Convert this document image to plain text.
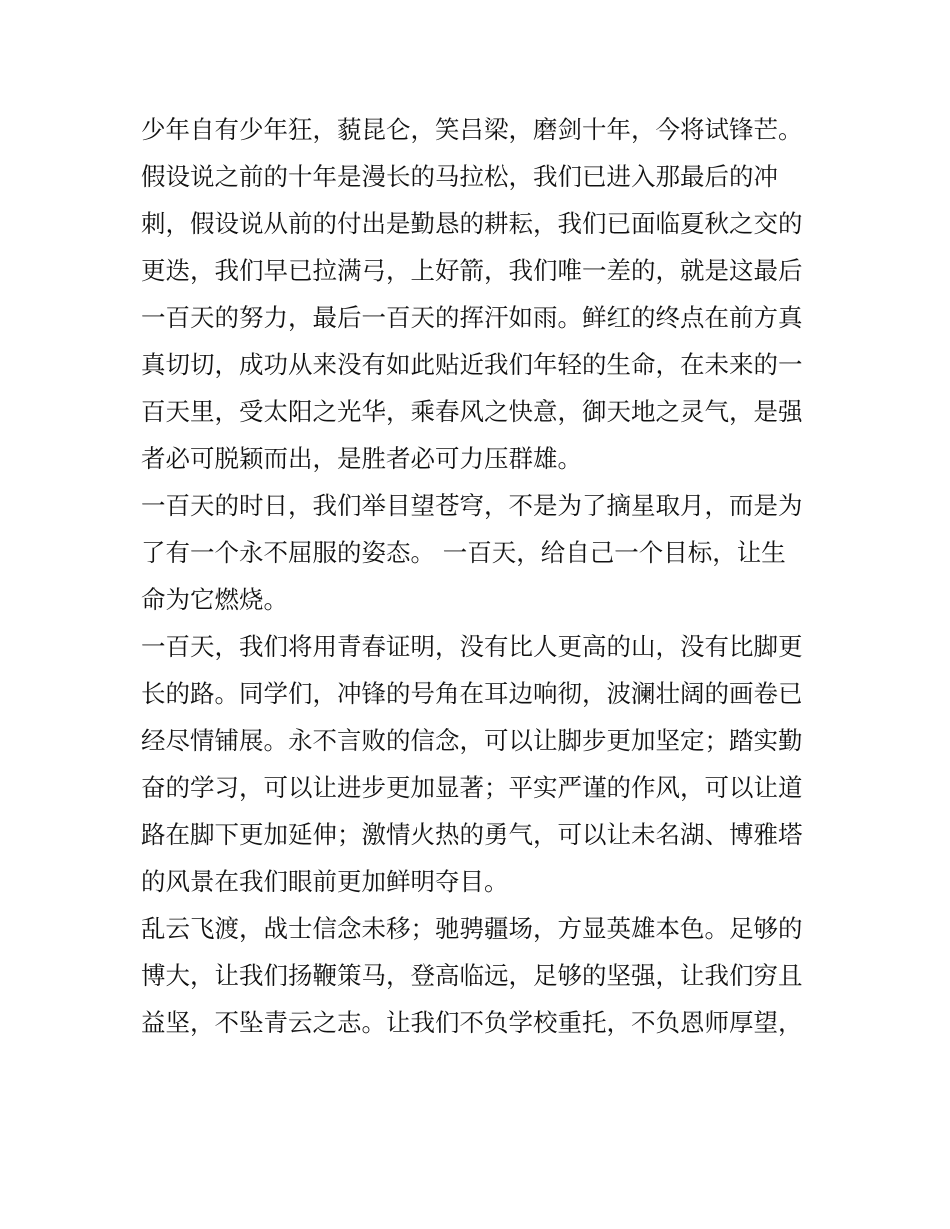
少年自有少年狂，藐昆仑，笑吕梁，磨剑十年，今将试锋芒。
假设说之前的十年是漫长的马拉松，我们已进入那最后的冲
刺，假设说从前的付出是勤恳的耕耘，我们已面临夏秋之交的
更迭，我们早已拉满弓，上好箭，我们唯一差的，就是这最后
一百天的努力，最后一百天的挥汗如雨。鲜红的终点在前方真
真切切，成功从来没有如此贴近我们年轻的生命，在未来的一
百天里，受太阳之光华，乘春风之快意，御天地之灵气，是强
者必可脱颖而出，是胜者必可力压群雄。
一百天的时日，我们举目望苍穹，不是为了摘星取月，而是为
了有一个永不屈服的姿态。 一百天，给自己一个目标，让生
命为它燃烧。
一百天，我们将用青春证明，没有比人更高的山，没有比脚更
长的路。同学们，冲锋的号角在耳边响彻，波澜壮阔的画卷已
经尽情铺展。永不言败的信念，可以让脚步更加坚定；踏实勤
奋的学习，可以让进步更加显著；平实严谨的作风，可以让道
路在脚下更加延伸；激情火热的勇气，可以让未名湖、博雅塔
的风景在我们眼前更加鲜明夺目。
乱云飞渡，战士信念未移；驰骋疆场，方显英雄本色。足够的
博大，让我们扬鞭策马，登高临远，足够的坚强，让我们穷且
益坚，不坠青云之志。让我们不负学校重托，不负恩师厚望，
